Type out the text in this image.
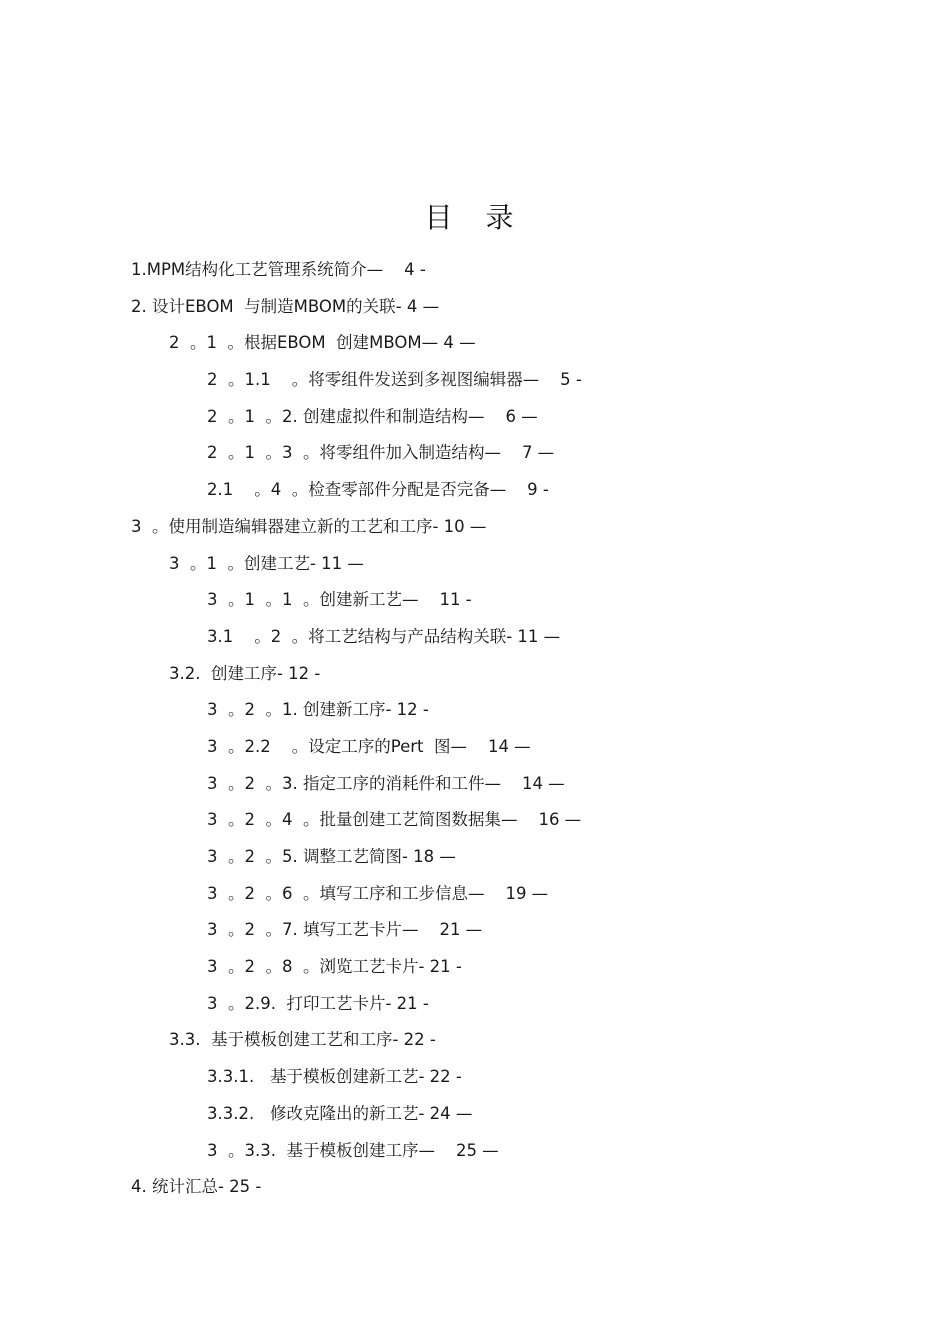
目 录
1.MPM结构化工艺管理系统简介—    4 -
2. 设计EBOM  与制造MBOM的关联- 4 —
2  。1  。根据EBOM  创建MBOM— 4 —
2  。1.1    。将零组件发送到多视图编辑器—    5 -
2  。1  。2. 创建虚拟件和制造结构—    6 —
2  。1  。3  。将零组件加入制造结构—    7 —
2.1    。4  。检查零部件分配是否完备—    9 -
3  。使用制造编辑器建立新的工艺和工序- 10 —
3  。1  。创建工艺- 11 —
3  。1  。1  。创建新工艺—    11 -
3.1    。2  。将工艺结构与产品结构关联- 11 —
3.2.  创建工序- 12 -
3  。2  。1. 创建新工序- 12 -
3  。2.2    。设定工序的Pert  图—    14 —
3  。2  。3. 指定工序的消耗件和工件—    14 —
3  。2  。4  。批量创建工艺简图数据集—    16 —
3  。2  。5. 调整工艺简图- 18 —
3  。2  。6  。填写工序和工步信息—    19 —
3  。2  。7. 填写工艺卡片—    21 —
3  。2  。8  。浏览工艺卡片- 21 -
3  。2.9.  打印工艺卡片- 21 -
3.3.  基于模板创建工艺和工序- 22 -
3.3.1.   基于模板创建新工艺- 22 -
3.3.2.   修改克隆出的新工艺- 24 —
3  。3.3.  基于模板创建工序—    25 —
4. 统计汇总- 25 -
